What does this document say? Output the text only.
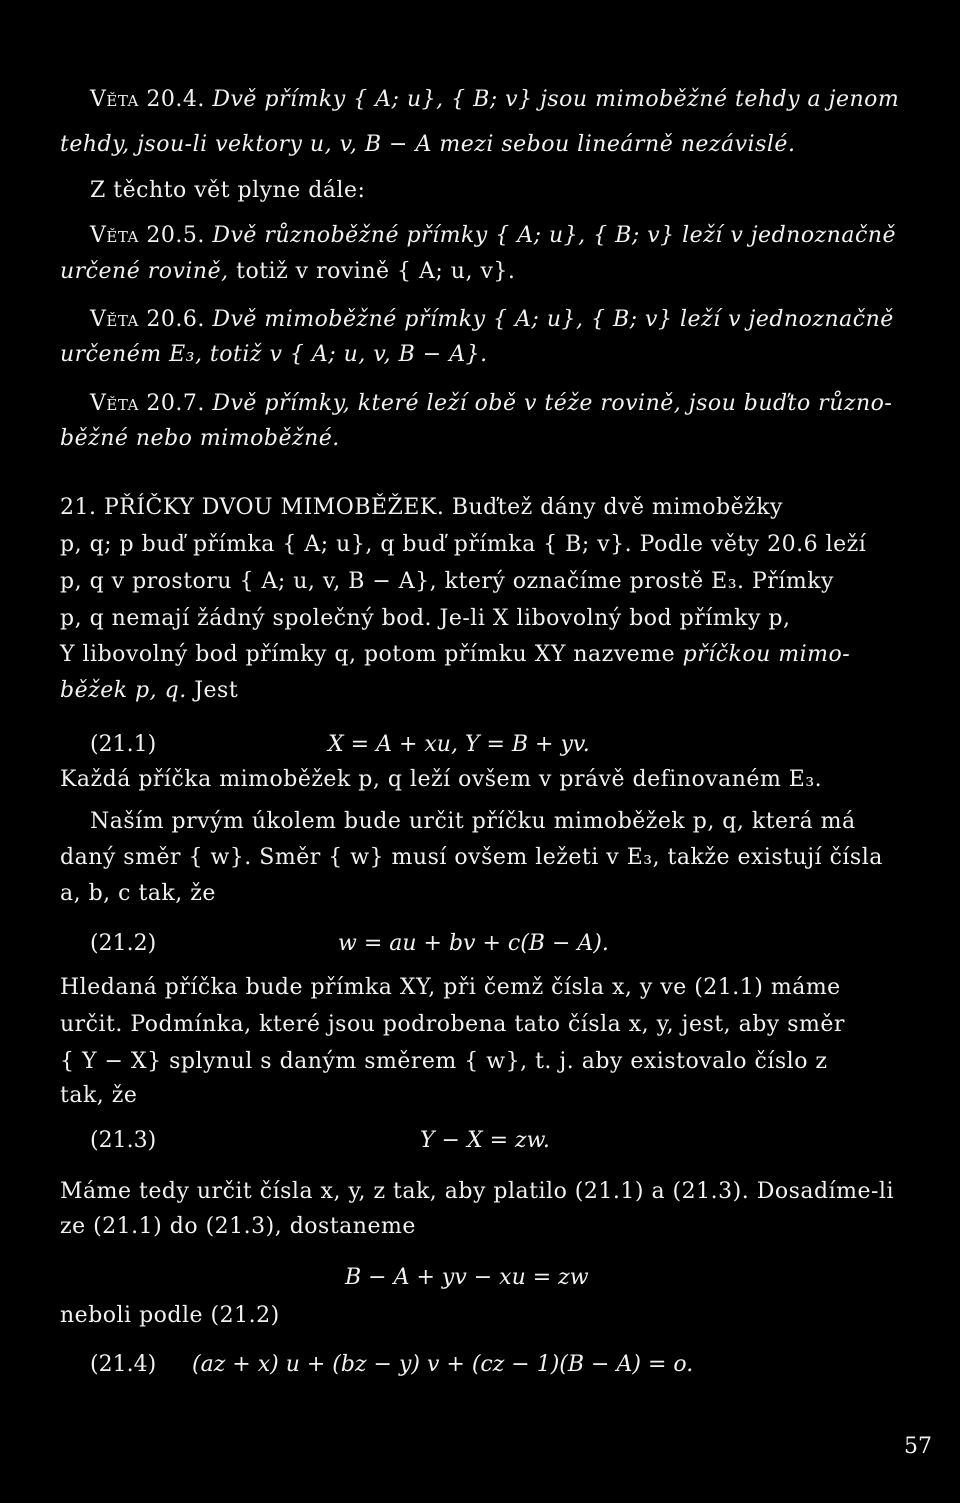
Věta 20.4. Dvě přímky { A; u}, { B; v} jsou mimoběžné tehdy a jenom
tehdy, jsou-li vektory u, v, B − A mezi sebou lineárně nezávislé.
Z těchto vět plyne dále:
Věta 20.5. Dvě různoběžné přímky { A; u}, { B; v} leží v jednoznačně
určené rovině, totiž v rovině { A; u, v}.
Věta 20.6. Dvě mimoběžné přímky { A; u}, { B; v} leží v jednoznačně
určeném E₃, totiž v { A; u, v, B − A}.
Věta 20.7. Dvě přímky, které leží obě v téže rovině, jsou buďto různo-
běžné nebo mimoběžné.
21. PŘÍČKY DVOU MIMOBĚŽEK. Buďtež dány dvě mimoběžky
p, q; p buď přímka { A; u}, q buď přímka { B; v}. Podle věty 20.6 leží
p, q v prostoru { A; u, v, B − A}, který označíme prostě E₃. Přímky
p, q nemají žádný společný bod. Je-li X libovolný bod přímky p,
Y libovolný bod přímky q, potom přímku XY nazveme příčkou mimo-
běžek p, q. Jest
(21.1)	X = A + xu, Y = B + yv.
Každá příčka mimoběžek p, q leží ovšem v právě definovaném E₃.
Naším prvým úkolem bude určit příčku mimoběžek p, q, která má
daný směr { w}. Směr { w} musí ovšem ležeti v E₃, takže existují čísla
a, b, c tak, že
(21.2)	w = au + bv + c(B − A).
Hledaná příčka bude přímka XY, při čemž čísla x, y ve (21.1) máme
určit. Podmínka, které jsou podrobena tato čísla x, y, jest, aby směr
{ Y − X} splynul s daným směrem { w}, t. j. aby existovalo číslo z
tak, že
(21.3)	Y − X = zw.
Máme tedy určit čísla x, y, z tak, aby platilo (21.1) a (21.3). Dosadíme-li
ze (21.1) do (21.3), dostaneme
B − A + yv − xu = zw
neboli podle (21.2)
(21.4) (az + x) u + (bz − y) v + (cz − 1)(B − A) = o.
57
